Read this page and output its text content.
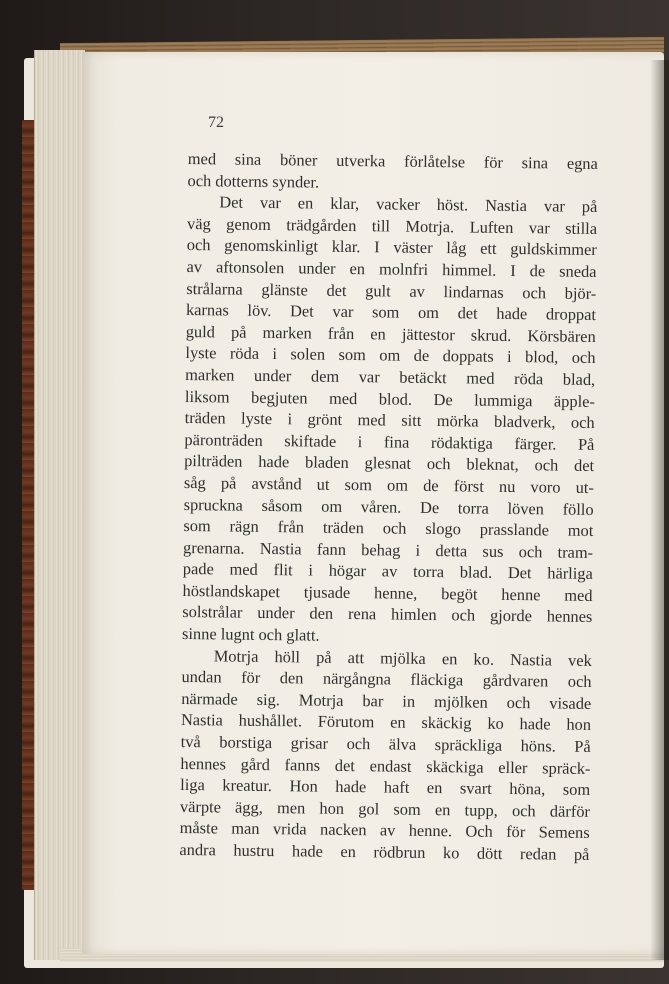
72
med sina böner utverka förlåtelse för sina egna
och dotterns synder.
Det var en klar, vacker höst. Nastia var på
väg genom trädgården till Motrja. Luften var stilla
och genomskinligt klar. I väster låg ett guldskimmer
av aftonsolen under en molnfri himmel. I de sneda
strålarna glänste det gult av lindarnas och björ-
karnas löv. Det var som om det hade droppat
guld på marken från en jättestor skrud. Körsbären
lyste röda i solen som om de doppats i blod, och
marken under dem var betäckt med röda blad,
liksom begjuten med blod. De lummiga äpple-
träden lyste i grönt med sitt mörka bladverk, och
päronträden skiftade i fina rödaktiga färger. På
pilträden hade bladen glesnat och bleknat, och det
såg på avstånd ut som om de först nu voro ut-
spruckna såsom om våren. De torra löven föllo
som rägn från träden och slogo prasslande mot
grenarna. Nastia fann behag i detta sus och tram-
pade med flit i högar av torra blad. Det härliga
höstlandskapet tjusade henne, begöt henne med
solstrålar under den rena himlen och gjorde hennes
sinne lugnt och glatt.
Motrja höll på att mjölka en ko. Nastia vek
undan för den närgångna fläckiga gårdvaren och
närmade sig. Motrja bar in mjölken och visade
Nastia hushållet. Förutom en skäckig ko hade hon
två borstiga grisar och älva spräckliga höns. På
hennes gård fanns det endast skäckiga eller spräck-
liga kreatur. Hon hade haft en svart höna, som
värpte ägg, men hon gol som en tupp, och därför
måste man vrida nacken av henne. Och för Semens
andra hustru hade en rödbrun ko dött redan på
